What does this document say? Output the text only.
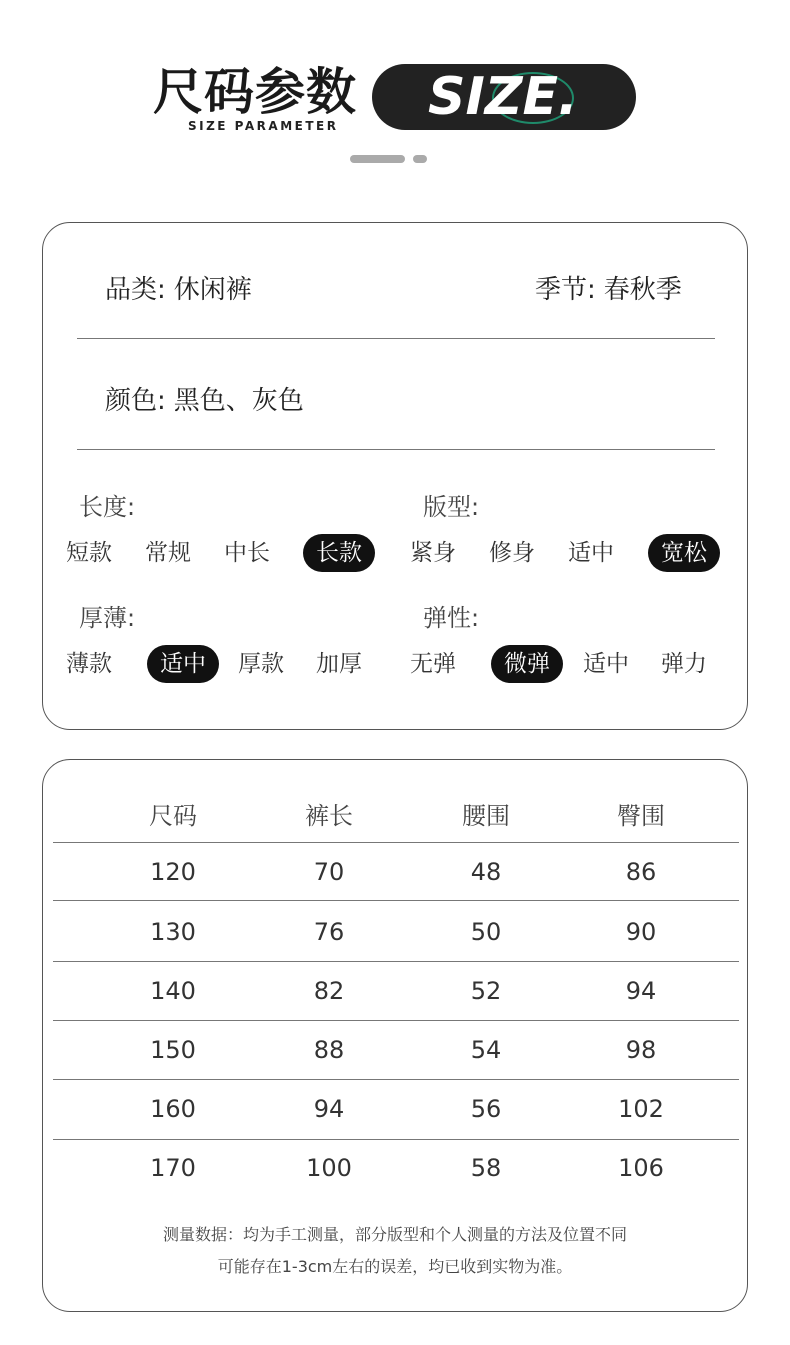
尺码参数
SIZE PARAMETER SIZE.
品类: 休闲裤	季节: 春秋季
颜色: 黑色、灰色
长度:
短款	常规	中长	长款
版型:
紧身	修身	适中	宽松
厚薄:
薄款	适中	厚款	加厚
弹性:
无弹	微弹	适中	弹力
尺码	裤长	腰围	臀围
120	70	48	86
130	76	50	90
140	82	52	94
150	88	54	98
160	94	56	102
170	100	58	106
测量数据：均为手工测量，部分版型和个人测量的方法及位置不同
可能存在1-3cm左右的误差，均已收到实物为准。
